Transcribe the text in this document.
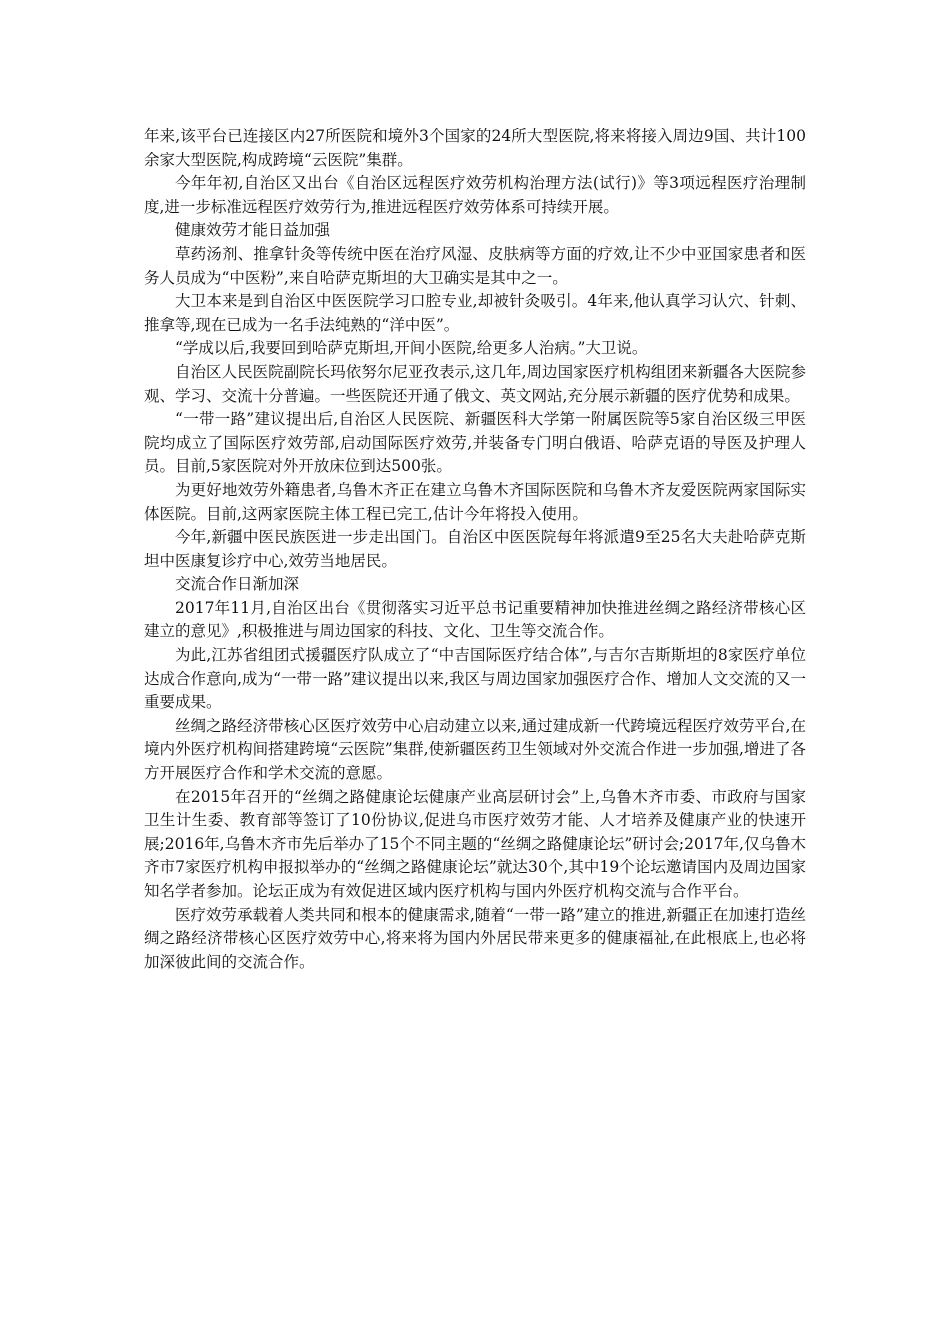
年来,该平台已连接区内27所医院和境外3个国家的24所大型医院,将来将接入周边9国、共计100余家大型医院,构成跨境“云医院”集群。

今年年初,自治区又出台《自治区远程医疗效劳机构治理方法(试行)》等3项远程医疗治理制度,进一步标准远程医疗效劳行为,推进远程医疗效劳体系可持续开展。

健康效劳才能日益加强

草药汤剂、推拿针灸等传统中医在治疗风湿、皮肤病等方面的疗效,让不少中亚国家患者和医务人员成为“中医粉”,来自哈萨克斯坦的大卫确实是其中之一。

大卫本来是到自治区中医医院学习口腔专业,却被针灸吸引。4年来,他认真学习认穴、针刺、推拿等,现在已成为一名手法纯熟的“洋中医”。

“学成以后,我要回到哈萨克斯坦,开间小医院,给更多人治病。”大卫说。

自治区人民医院副院长玛依努尔尼亚孜表示,这几年,周边国家医疗机构组团来新疆各大医院参观、学习、交流十分普遍。一些医院还开通了俄文、英文网站,充分展示新疆的医疗优势和成果。

“一带一路”建议提出后,自治区人民医院、新疆医科大学第一附属医院等5家自治区级三甲医院均成立了国际医疗效劳部,启动国际医疗效劳,并装备专门明白俄语、哈萨克语的导医及护理人员。目前,5家医院对外开放床位到达500张。

为更好地效劳外籍患者,乌鲁木齐正在建立乌鲁木齐国际医院和乌鲁木齐友爱医院两家国际实体医院。目前,这两家医院主体工程已完工,估计今年将投入使用。

今年,新疆中医民族医进一步走出国门。自治区中医医院每年将派遣9至25名大夫赴哈萨克斯坦中医康复诊疗中心,效劳当地居民。

交流合作日渐加深

2017年11月,自治区出台《贯彻落实习近平总书记重要精神加快推进丝绸之路经济带核心区建立的意见》,积极推进与周边国家的科技、文化、卫生等交流合作。

为此,江苏省组团式援疆医疗队成立了“中吉国际医疗结合体”,与吉尔吉斯斯坦的8家医疗单位达成合作意向,成为“一带一路”建议提出以来,我区与周边国家加强医疗合作、增加人文交流的又一重要成果。

丝绸之路经济带核心区医疗效劳中心启动建立以来,通过建成新一代跨境远程医疗效劳平台,在境内外医疗机构间搭建跨境“云医院”集群,使新疆医药卫生领域对外交流合作进一步加强,增进了各方开展医疗合作和学术交流的意愿。

在2015年召开的“丝绸之路健康论坛健康产业高层研讨会”上,乌鲁木齐市委、市政府与国家卫生计生委、教育部等签订了10份协议,促进乌市医疗效劳才能、人才培养及健康产业的快速开展;2016年,乌鲁木齐市先后举办了15个不同主题的“丝绸之路健康论坛”研讨会;2017年,仅乌鲁木齐市7家医疗机构申报拟举办的“丝绸之路健康论坛”就达30个,其中19个论坛邀请国内及周边国家知名学者参加。论坛正成为有效促进区域内医疗机构与国内外医疗机构交流与合作平台。

医疗效劳承载着人类共同和根本的健康需求,随着“一带一路”建立的推进,新疆正在加速打造丝绸之路经济带核心区医疗效劳中心,将来将为国内外居民带来更多的健康福祉,在此根底上,也必将加深彼此间的交流合作。
